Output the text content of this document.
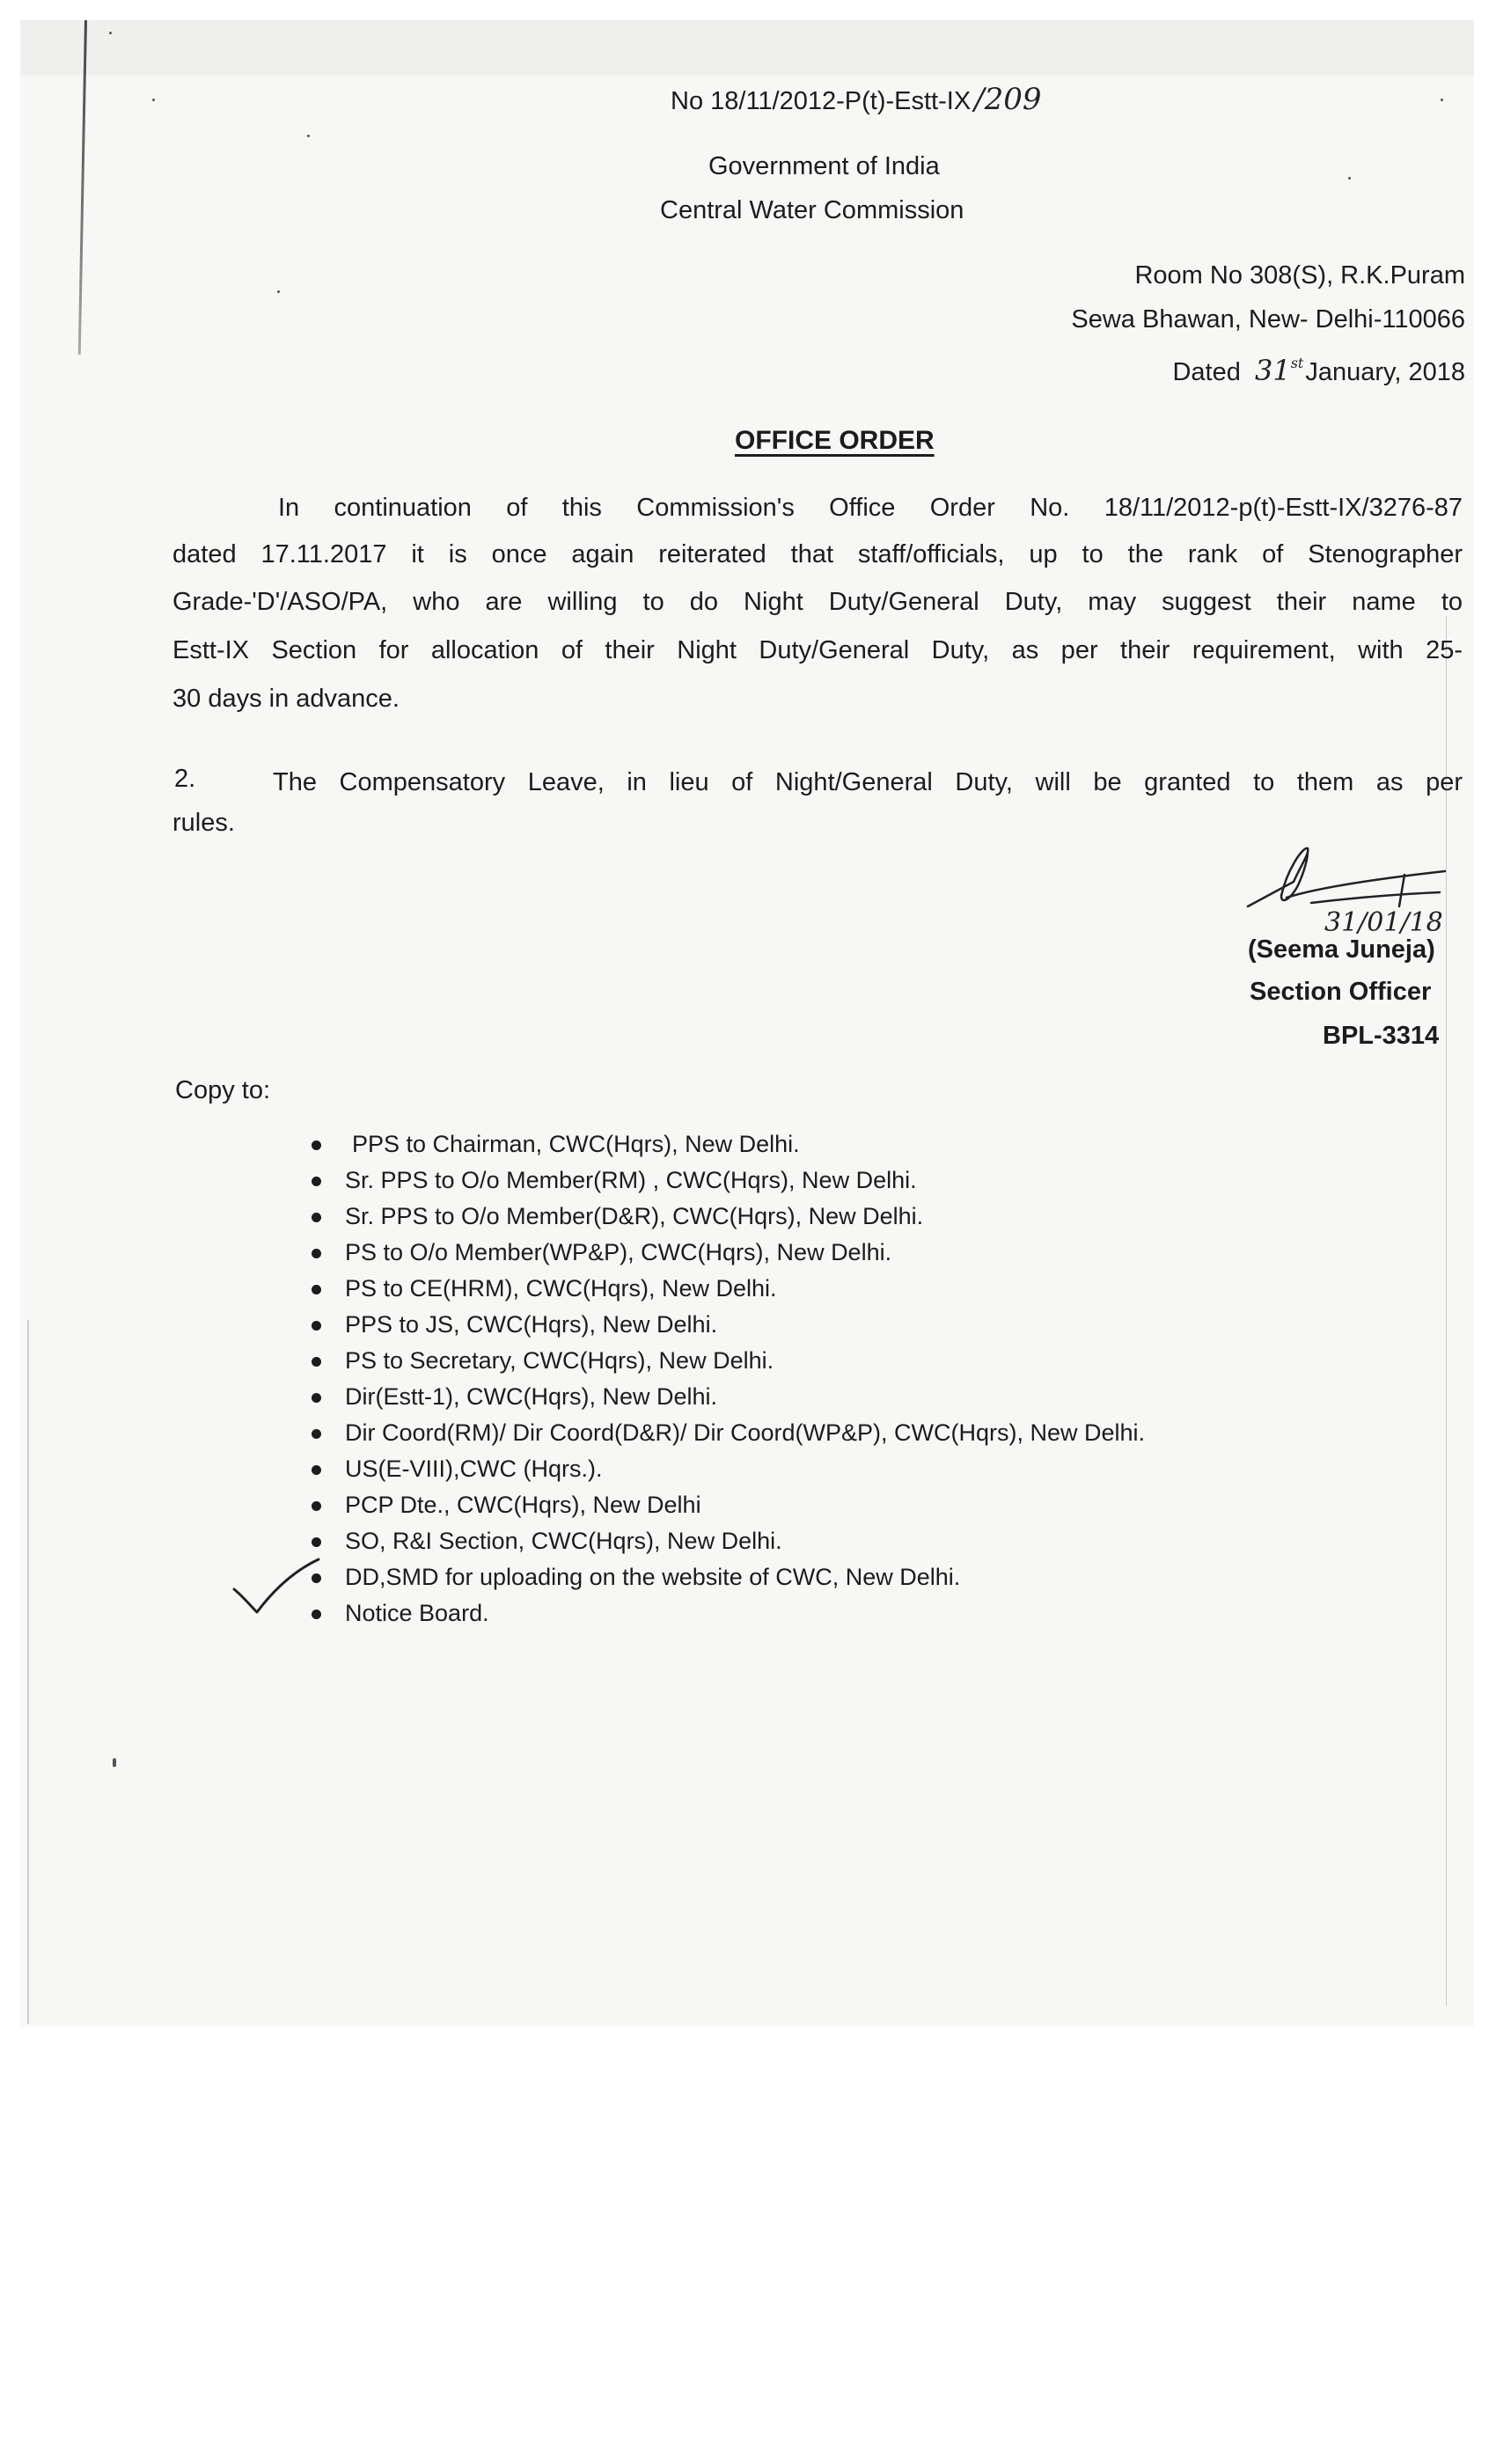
No 18/11/2012-P(t)-Estt-IX /209
Government of India
Central Water Commission
Room No 308(S), R.K.Puram
Sewa Bhawan, New- Delhi-110066
Dated 31stJanuary, 2018
OFFICE ORDER
In continuation of this Commission's Office Order No. 18/11/2012-p(t)-Estt-IX/3276-87
dated 17.11.2017 it is once again reiterated that staff/officials, up to the rank of Stenographer
Grade-'D'/ASO/PA, who are willing to do Night Duty/General Duty, may suggest their name to
Estt-IX Section for allocation of their Night Duty/General Duty, as per their requirement, with 25-
30 days in advance.
2.	The Compensatory Leave, in lieu of Night/General Duty, will be granted to them as per
rules.
31/01/18
(Seema Juneja)
Section Officer
BPL-3314
Copy to:
PPS to Chairman, CWC(Hqrs), New Delhi.
Sr. PPS to O/o Member(RM) , CWC(Hqrs), New Delhi.
Sr. PPS to O/o Member(D&R), CWC(Hqrs), New Delhi.
PS to O/o Member(WP&P), CWC(Hqrs), New Delhi.
PS to CE(HRM), CWC(Hqrs), New Delhi.
PPS to JS, CWC(Hqrs), New Delhi.
PS to Secretary, CWC(Hqrs), New Delhi.
Dir(Estt-1), CWC(Hqrs), New Delhi.
Dir Coord(RM)/ Dir Coord(D&R)/ Dir Coord(WP&P), CWC(Hqrs), New Delhi.
US(E-VIII),CWC (Hqrs.).
PCP Dte., CWC(Hqrs), New Delhi
SO, R&I Section, CWC(Hqrs), New Delhi.
DD,SMD for uploading on the website of CWC, New Delhi.
Notice Board.
